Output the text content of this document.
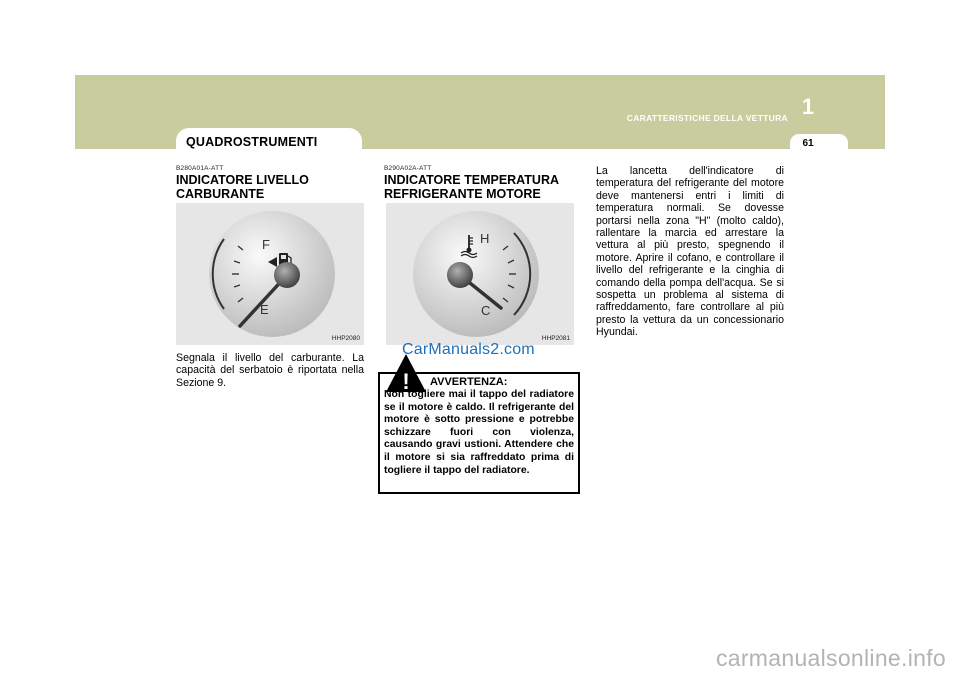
CARATTERISTICHE DELLA VETTURA 1
61
QUADROSTRUMENTI
B280A01A-ATT
INDICATORE LIVELLO CARBURANTE
F
E
HHP2080
Segnala il livello del carburante. La capacità del serbatoio è riportata nella Sezione 9.
B290A02A-ATT
INDICATORE TEMPERATURA REFRIGERANTE MOTORE
H
C
HHP2081
CarManuals2.com
! AVVERTENZA:
Non togliere mai il tappo del radiatore se il motore è caldo. Il refrigerante del motore è sotto pressione e potrebbe schizzare fuori con violenza, causando gravi ustioni. Attendere che il motore si sia raffreddato prima di togliere il tappo del radiatore.
La lancetta dell'indicatore di temperatura del refrigerante del motore deve mantenersi entri i limiti di temperatura normali. Se dovesse portarsi nella zona "H" (molto caldo), rallentare la marcia ed arrestare la vettura al più presto, spegnendo il motore. Aprire il cofano, e controllare il livello del refrigerante e la cinghia di comando della pompa dell'acqua. Se si sospetta un problema al sistema di raffreddamento, fare controllare al più presto la vettura da un concessionario Hyundai.
carmanualsonline.info
